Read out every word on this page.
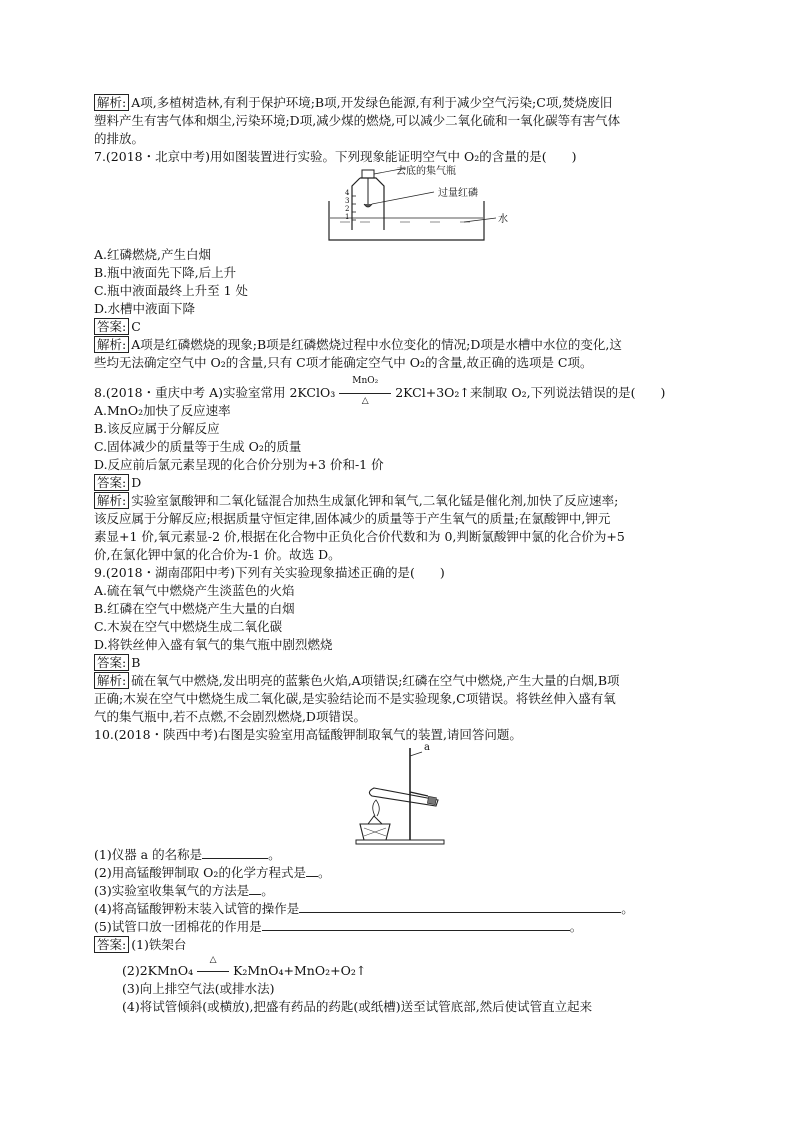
解析: A项,多植树造林,有利于保护环境;B项,开发绿色能源,有利于减少空气污染;C项,焚烧废旧
塑料产生有害气体和烟尘,污染环境;D项,减少煤的燃烧,可以减少二氧化硫和一氧化碳等有害气体
的排放。
7.(2018・北京中考)用如图装置进行实验。下列现象能证明空气中 O₂的含量的是(　　)
去底的集气瓶
过量红磷
水
4
3
2
1
A.红磷燃烧,产生白烟
B.瓶中液面先下降,后上升
C.瓶中液面最终上升至 1 处
D.水槽中液面下降
答案: C
解析: A项是红磷燃烧的现象;B项是红磷燃烧过程中水位变化的情况;D项是水槽中水位的变化,这
些均无法确定空气中 O₂的含量,只有 C项才能确定空气中 O₂的含量,故正确的选项是 C项。
8.(2018・重庆中考 A)实验室常用 2KClO₃
MnO₂
△
2KCl+3O₂↑来制取 O₂,下列说法错误的是(　　)
A.MnO₂加快了反应速率
B.该反应属于分解反应
C.固体减少的质量等于生成 O₂的质量
D.反应前后氯元素呈现的化合价分别为+3 价和-1 价
答案: D
解析: 实验室氯酸钾和二氧化锰混合加热生成氯化钾和氧气,二氧化锰是催化剂,加快了反应速率;
该反应属于分解反应;根据质量守恒定律,固体减少的质量等于产生氧气的质量;在氯酸钾中,钾元
素显+1 价,氧元素显-2 价,根据在化合物中正负化合价代数和为 0,判断氯酸钾中氯的化合价为+5
价,在氯化钾中氯的化合价为-1 价。故选 D。
9.(2018・湖南邵阳中考)下列有关实验现象描述正确的是(　　)
A.硫在氧气中燃烧产生淡蓝色的火焰
B.红磷在空气中燃烧产生大量的白烟
C.木炭在空气中燃烧生成二氧化碳
D.将铁丝伸入盛有氧气的集气瓶中剧烈燃烧
答案: B
解析: 硫在氧气中燃烧,发出明亮的蓝紫色火焰,A项错误;红磷在空气中燃烧,产生大量的白烟,B项
正确;木炭在空气中燃烧生成二氧化碳,是实验结论而不是实验现象,C项错误。将铁丝伸入盛有氧
气的集气瓶中,若不点燃,不会剧烈燃烧,D项错误。
10.(2018・陕西中考)右图是实验室用高锰酸钾制取氧气的装置,请回答问题。
a
(1)仪器 a 的名称是	。
(2)用高锰酸钾制取 O₂的化学方程式是 。
(3)实验室收集氧气的方法是 。
(4)将高锰酸钾粉末装入试管的操作是	。
(5)试管口放一团棉花的作用是	。
答案: (1)铁架台
(2)2KMnO₄
△
K₂MnO₄+MnO₂+O₂↑
(3)向上排空气法(或排水法)
(4)将试管倾斜(或横放),把盛有药品的药匙(或纸槽)送至试管底部,然后使试管直立起来
